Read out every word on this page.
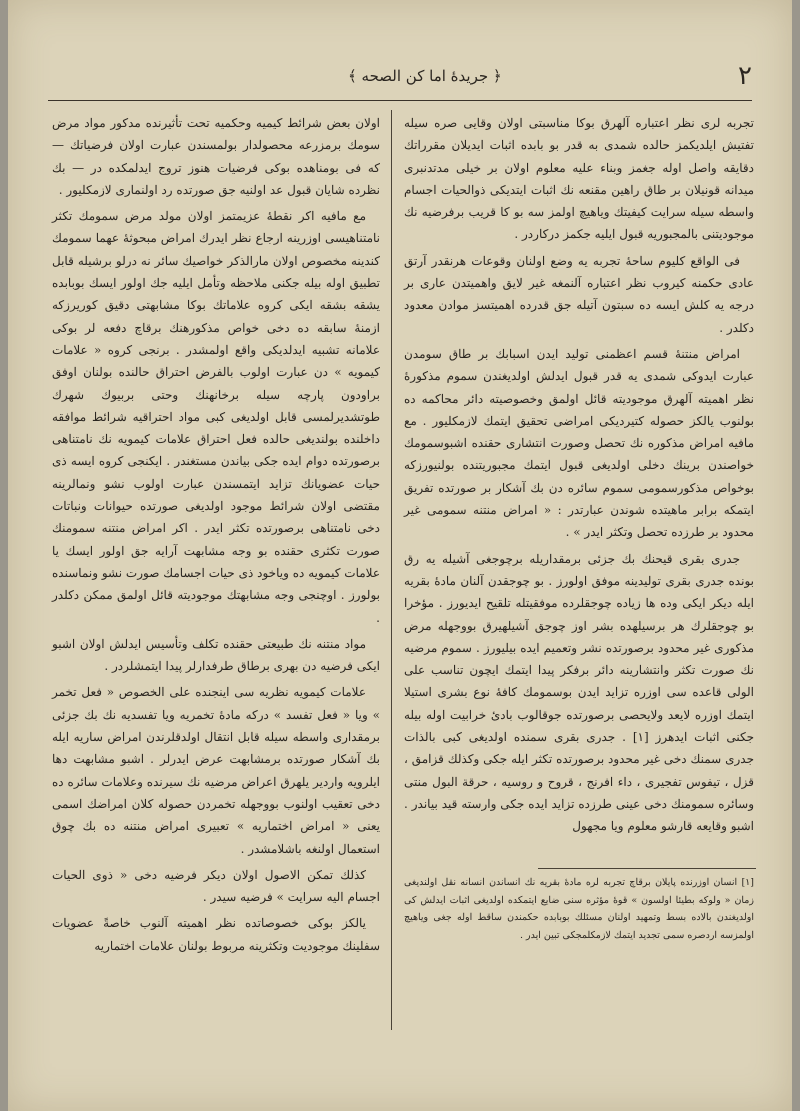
٢
﴿ جريدهٔ اما كن الصحه ﴾

تجربه لرى نظر اعتباره آلهرق بوكا مناسبتى اولان وقايى صره سيله تفتيش ايلديكمز حالده شمدى به قدر بو بابده اثبات ايديلان مقرراتك دقايقه واصل اوله جغمز وبناء عليه معلوم اولان بر خيلى مدتدنبرى ميدانه قونيلان بر طاق راهين مقنعه نك اثبات ايتديكى ذوالحيات اجسام واسطه سيله سرايت كيفيتك وياهيچ اولمز سه بو كا قريب برفرضيه نك موجوديتنى بالمجبوريه قبول ايليه جكمز دركاردر .

فى الواقع كليوم ساحهٔ تجربه يه وضع اولنان وقوعات هرنقدر آرتق عادى حكمنه كيروب نظر اعتباره آلنمغه غير لايق واهميتدن عارى بر درجه يه كلش ايسه ده سبتون آتيله جق قدرده اهميتسز موادن معدود دكلدر .

امراض منتنهٔ قسم اعظمنى توليد ايدن اسبابك بر طاق سومدن عبارت ايدوكى شمدى يه قدر قبول ايدلش اولديغندن سموم مذكورهٔ نظر اهميته آلهرق موجوديته قائل اولمق وخصوصيته دائر محاكمه ده بولنوب يالكز حصوله كتيرديكى امراضى تحقيق ايتمك لازمكليور . مع مافيه امراض مذكوره نك تحصل وصورت انتشارى حقنده اشبوسمومك خواصندن برينك دخلى اولديغى قبول ايتمك مجبوريتنده بولنيورزكه بوخواص مذكورسمومى سموم سائره دن بك آشكار بر صورتده تفريق ايتمكه برابر ماهيتده شوندن عبارتدر : « امراض منتنه سمومى غير محدود بر طرزده تحصل وتكثر ايدر » .

جدرى بقرى قيحنك بك جزئى برمقداريله برچوجغى آشيله يه رق بونده جدرى بقرى توليدينه موفق اولورز . بو چوجقدن آلنان مادهٔ بقريه ايله ديكر ايكى وده ها زياده چوجقلرده موفقيتله تلقيح ايديورز . مؤخرا بو چوجقلرك هر برسيلهده بشر اوز چوجق آشيلهيرق بووجهله مرض مذكورى غير محدود برصورتده نشر وتعميم ايده بيليورز . سموم مرضيه نك صورت تكثر وانتشارينه دائر برفكر پيدا ايتمك ايچون تناسب على الولى قاعده سى اوزره تزايد ايدن بوسمومك كافهٔ نوع بشرى استيلا ايتمك اوزره لايعد ولايحصى برصورتده جوقالوب بادىٔ خرابيت اوله بيله جكنى اثبات ايدهرز [١] . جدرى بقرى سمنده اولديغى كبى بالذات جدرى سمنك دخى غير محدود برصورتده تكثر ايله جكى وكذلك قزامق ، قزل ، تيفوس تفجيرى ، داء افرنج ، قروح و روسيه ، حرقة البول منتى وسائره سمومنك دخى عينى طرزده تزايد ايده جكى وارسته قيد بياندر . اشبو وقايعه قارشو معلوم ويا مجهول

اولان بعض شرائط كيميه وحكميه تحت تأثيرنده مدكور مواد مرض سومك برمزرعه محصولدار بولمسندن عبارت اولان فرضياتك — كه فى بومناهده بوكى فرضيات هنوز تروج ايدلمكده در — بك نظرده شايان قبول عد اولنيه جق صورتده رد اولنمارى لازمكليور .

مع مافيه اكر نقطهٔ عزيمتمز اولان مولد مرض سمومك تكثر نامتناهيسى اوزرينه ارجاع نظر ايدرك امراض مبحوثهٔ عهما سمومك كندينه مخصوص اولان مارالذكر خواصيك سائر نه درلو برشيله قابل تطبيق اوله بيله جكنى ملاحظه وتأمل ايليه جك اولور ايسك بوبابده يشقه بشقه ايكى كروه علاماتك بوكا مشابهتى دقيق كوريرزكه ازمنهٔ سابقه ده دخى خواص مذكورهنك برقاچ دفعه لر بوكى علامانه تشبيه ايدلديكى واقع اولمشدر . برنجى كروه « علامات كيمويه » دن عبارت اولوب بالفرض احتراق حالنده بولنان اوفق براودون پارچه سيله برخانهنك وحتى بربيوك شهرك طوتشديرلمسى قابل اولديغى كبى مواد احتراقيه شرائط موافقه داخلنده بولنديغى حالده فعل احتراق علامات كيمويه نك نامتناهى برصورتده دوام ايده جكى بياندن مستغندر . ايكنجى كروه ايسه ذى حيات عضويانك تزايد ايتمسندن عبارت اولوب نشو ونمالرينه مقتضى اولان شرائط موجود اولديغى صورتده حيوانات ونباتات دخى نامتناهى برصورتده تكثر ايدر . اكر امراض منتنه سمومنك صورت تكثرى حقنده بو وجه مشابهت آرايه جق اولور ايسك يا علامات كيمويه ده وياخود ذى حيات اجسامك صورت نشو ونماسنده بولورز . اوچنجى وجه مشابهتك موجوديته قائل اولمق ممكن دكلدر .

مواد منتنه نك طبيعتى حقنده تكلف وتأسيس ايدلش اولان اشبو ايكى فرضيه دن بهرى برطاق طرفدارلر پيدا ايتمشلردر .

علامات كيمويه نظريه سى اينجنده على الخصوص « فعل تخمر » ويا « فعل تفسد » دركه مادهٔ تخمريه ويا تفسديه نك بك جزئى برمقدارى واسطه سيله قابل انتقال اولدقلرندن امراض ساريه ايله بك آشكار صورتده برمشابهت عرض ايدرلر . اشبو مشابهت دها ايلرويه واردير يلهرق اعراض مرضيه نك سيرنده وعلامات سائره ده دخى تعقيب اولنوب بووجهله تخمردن حصوله كلان امراضك اسمى يعنى « امراض اختماريه » تعبيرى امراض منتنه ده بك چوق استعمال اولنغه باشلامشدر .

كذلك تمكن الاصول اولان ديكر فرضيه دخى « ذوى الحيات اجسام اليه سرايت » فرضيه سيدر .

يالكز بوكى خصوصاتده نظر اهميته آلنوب خاصةً عضويات سفلينك موجوديت وتكثرينه مربوط بولنان علامات اختماريه

[١] انسان اوزرنده پايلان برقاچ تجربه لره مادهٔ بقريه نك انساندن انسانه نقل اولنديغى زمان « ولوكه بطيئا اولسون » قوهٔ مؤثره سنى ضايع ايتمكده اولديغى اثبات ايدلش كى اولديغندن بالاده بسط وتمهيد اولنان مسئلك بوبابده حكمندن ساقط اوله جغى وياهيچ اولمزسه اردصره سمى تجديد ايتمك لازمكلمجكى تبين ايدر .
